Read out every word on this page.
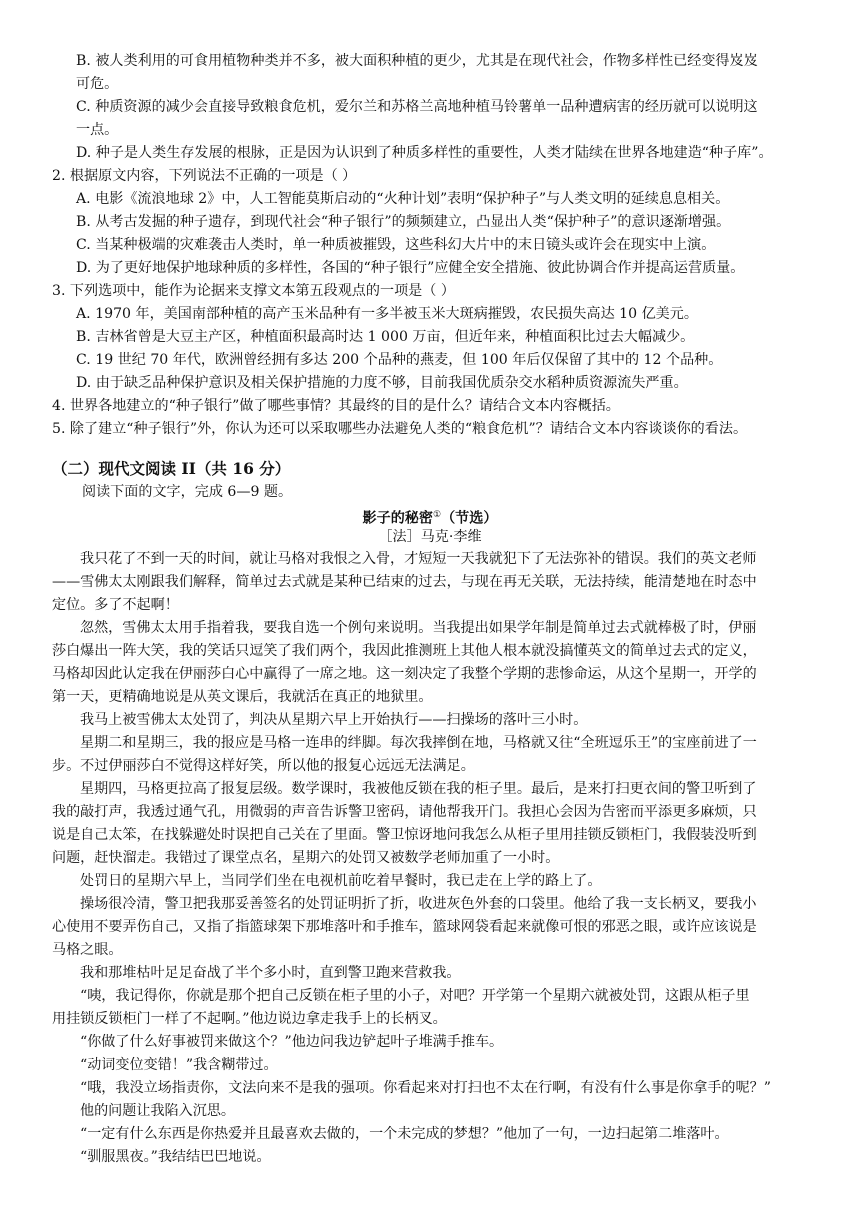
B. 被人类利用的可食用植物种类并不多，被大面积种植的更少，尤其是在现代社会，作物多样性已经变得岌岌
可危。
C. 种质资源的减少会直接导致粮食危机，爱尔兰和苏格兰高地种植马铃薯单一品种遭病害的经历就可以说明这
一点。
D. 种子是人类生存发展的根脉，正是因为认识到了种质多样性的重要性，人类才陆续在世界各地建造“种子库”。
2. 根据原文内容，下列说法不正确的一项是（ ）
A. 电影《流浪地球 2》中，人工智能莫斯启动的“火种计划”表明“保护种子”与人类文明的延续息息相关。
B. 从考古发掘的种子遗存，到现代社会“种子银行”的频频建立，凸显出人类“保护种子”的意识逐渐增强。
C. 当某种极端的灾难袭击人类时，单一种质被摧毁，这些科幻大片中的末日镜头或许会在现实中上演。
D. 为了更好地保护地球种质的多样性，各国的“种子银行”应健全安全措施、彼此协调合作并提高运营质量。
3. 下列选项中，能作为论据来支撑文本第五段观点的一项是（ ）
A. 1970 年，美国南部种植的高产玉米品种有一多半被玉米大斑病摧毁，农民损失高达 10 亿美元。
B. 吉林省曾是大豆主产区，种植面积最高时达 1 000 万亩，但近年来，种植面积比过去大幅减少。
C. 19 世纪 70 年代，欧洲曾经拥有多达 200 个品种的燕麦，但 100 年后仅保留了其中的 12 个品种。
D. 由于缺乏品种保护意识及相关保护措施的力度不够，目前我国优质杂交水稻种质资源流失严重。
4. 世界各地建立的“种子银行”做了哪些事情？其最终的目的是什么？请结合文本内容概括。
5. 除了建立“种子银行”外，你认为还可以采取哪些办法避免人类的“粮食危机”？请结合文本内容谈谈你的看法。
（二）现代文阅读 II（共 16 分）
阅读下面的文字，完成 6—9 题。
影子的秘密①（节选）
［法］马克·李维
我只花了不到一天的时间，就让马格对我恨之入骨，才短短一天我就犯下了无法弥补的错误。我们的英文老师
——雪佛太太刚跟我们解释，简单过去式就是某种已结束的过去，与现在再无关联，无法持续，能清楚地在时态中
定位。多了不起啊！
忽然，雪佛太太用手指着我，要我自选一个例句来说明。当我提出如果学年制是简单过去式就棒极了时，伊丽
莎白爆出一阵大笑，我的笑话只逗笑了我们两个，我因此推测班上其他人根本就没搞懂英文的简单过去式的定义，
马格却因此认定我在伊丽莎白心中赢得了一席之地。这一刻决定了我整个学期的悲惨命运，从这个星期一，开学的
第一天，更精确地说是从英文课后，我就活在真正的地狱里。
我马上被雪佛太太处罚了，判决从星期六早上开始执行——扫操场的落叶三小时。
星期二和星期三，我的报应是马格一连串的绊脚。每次我摔倒在地，马格就又往“全班逗乐王”的宝座前进了一
步。不过伊丽莎白不觉得这样好笑，所以他的报复心远远无法满足。
星期四，马格更拉高了报复层级。数学课时，我被他反锁在我的柜子里。最后，是来打扫更衣间的警卫听到了
我的敲打声，我透过通气孔，用微弱的声音告诉警卫密码，请他帮我开门。我担心会因为告密而平添更多麻烦，只
说是自己太笨，在找躲避处时误把自己关在了里面。警卫惊讶地问我怎么从柜子里用挂锁反锁柜门，我假装没听到
问题，赶快溜走。我错过了课堂点名，星期六的处罚又被数学老师加重了一小时。
处罚日的星期六早上，当同学们坐在电视机前吃着早餐时，我已走在上学的路上了。
操场很冷清，警卫把我那妥善签名的处罚证明折了折，收进灰色外套的口袋里。他给了我一支长柄叉，要我小
心使用不要弄伤自己，又指了指篮球架下那堆落叶和手推车，篮球网袋看起来就像可恨的邪恶之眼，或许应该说是
马格之眼。
我和那堆枯叶足足奋战了半个多小时，直到警卫跑来营救我。
“咦，我记得你，你就是那个把自己反锁在柜子里的小子，对吧？开学第一个星期六就被处罚，这跟从柜子里
用挂锁反锁柜门一样了不起啊。”他边说边拿走我手上的长柄叉。
“你做了什么好事被罚来做这个？”他边问我边铲起叶子堆满手推车。
“动词变位变错！”我含糊带过。
“哦，我没立场指责你，文法向来不是我的强项。你看起来对打扫也不太在行啊，有没有什么事是你拿手的呢？”
他的问题让我陷入沉思。
“一定有什么东西是你热爱并且最喜欢去做的，一个未完成的梦想？”他加了一句，一边扫起第二堆落叶。
“驯服黑夜。”我结结巴巴地说。
